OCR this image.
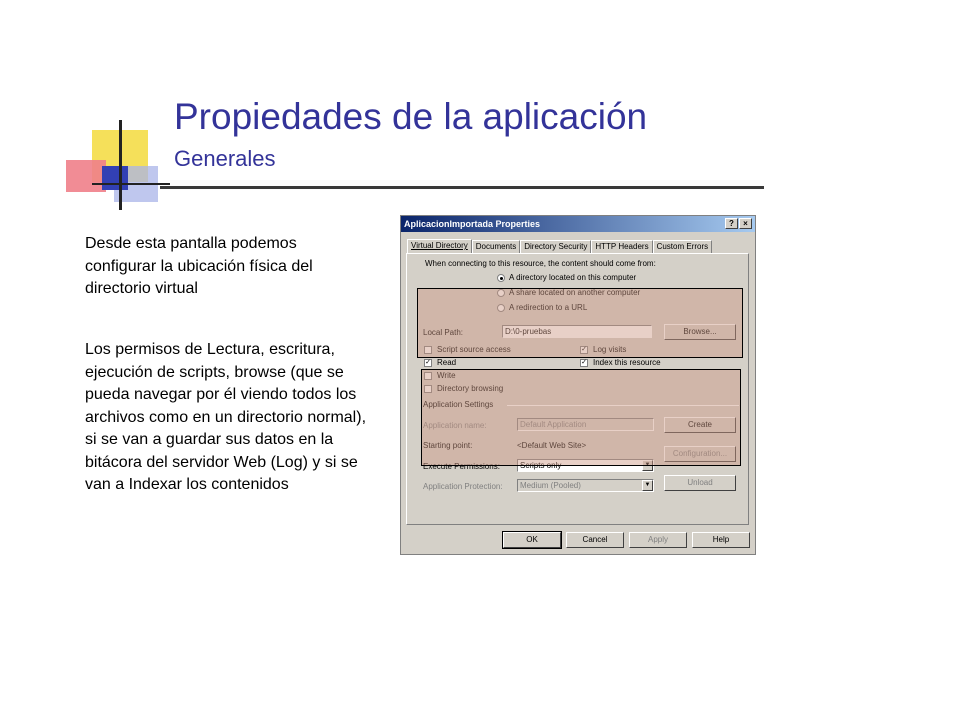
Propiedades de la aplicación
Generales

Desde esta pantalla podemos configurar la ubicación física del directorio virtual

Los permisos de Lectura, escritura, ejecución de scripts, browse (que se pueda navegar por él viendo todos los archivos como en un directorio normal), si se van a guardar sus datos en la bitácora del servidor Web (Log) y si se van a Indexar los contenidos

AplicacionImportada Properties	?	×
Virtual Directory	Documents	Directory Security	HTTP Headers	Custom Errors
When connecting to this resource, the content should come from:
A directory located on this computer
A share located on another computer
A redirection to a URL
Local Path:	D:\0-pruebas	Browse...
Script source access
✓ Read
Write
Directory browsing
✓ Log visits
✓ Index this resource
Application Settings
Application name:	Default Application	Create
Starting point:	<Default Web Site>
Configuration...
Execute Permissions:	Scripts only	▼
Application Protection:	Medium (Pooled)	▼	Unload
OK	Cancel	Apply	Help
